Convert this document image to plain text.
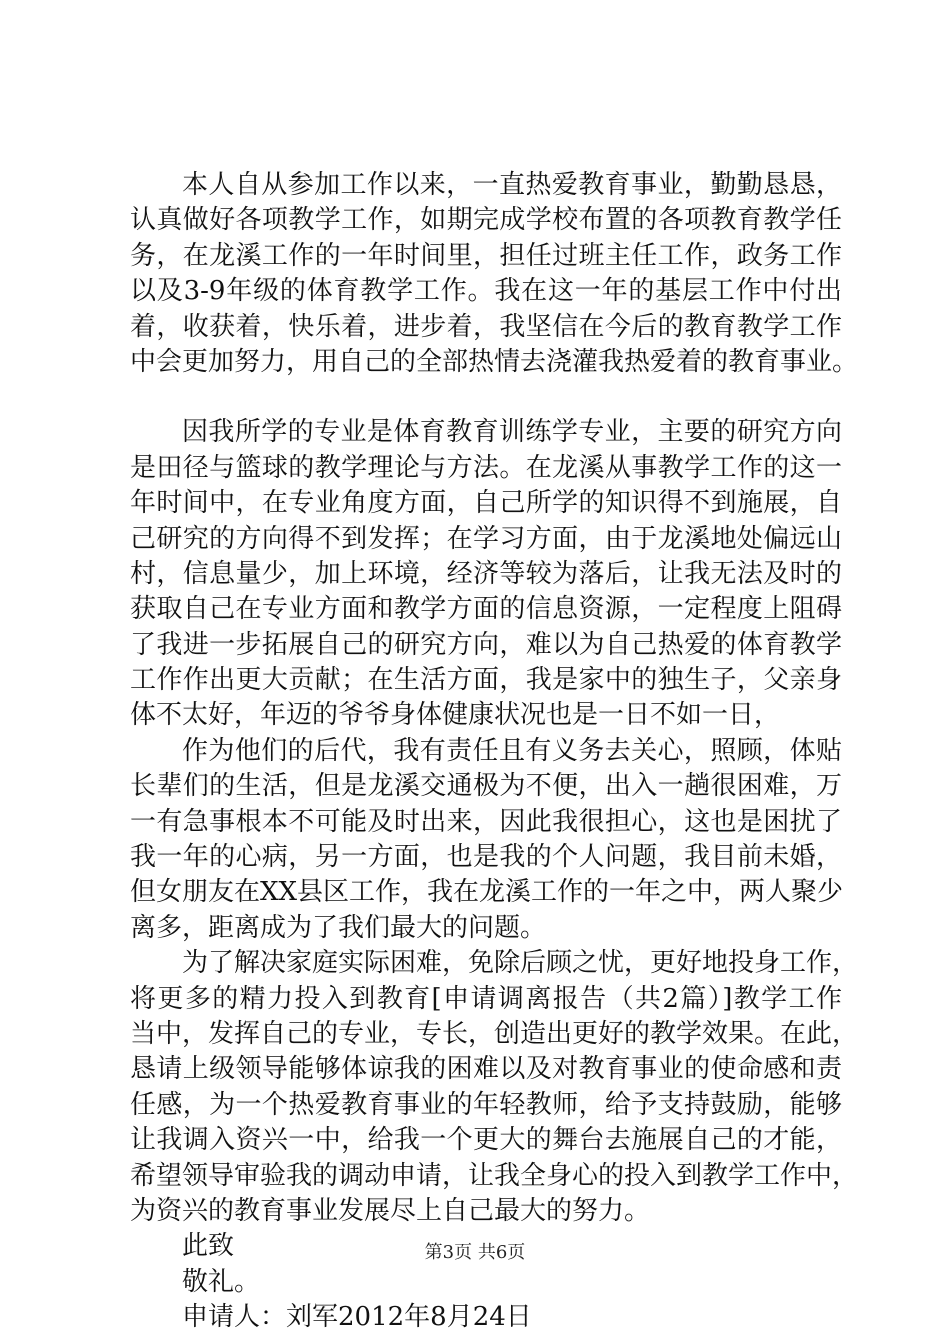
本人自从参加工作以来，一直热爱教育事业，勤勤恳恳，
认真做好各项教学工作，如期完成学校布置的各项教育教学任
务，在龙溪工作的一年时间里，担任过班主任工作，政务工作
以及3-9年级的体育教学工作。我在这一年的基层工作中付出
着，收获着，快乐着，进步着，我坚信在今后的教育教学工作
中会更加努力，用自己的全部热情去浇灌我热爱着的教育事业。
因我所学的专业是体育教育训练学专业，主要的研究方向
是田径与篮球的教学理论与方法。在龙溪从事教学工作的这一
年时间中，在专业角度方面，自己所学的知识得不到施展，自
己研究的方向得不到发挥；在学习方面，由于龙溪地处偏远山
村，信息量少，加上环境，经济等较为落后，让我无法及时的
获取自己在专业方面和教学方面的信息资源，一定程度上阻碍
了我进一步拓展自己的研究方向，难以为自己热爱的体育教学
工作作出更大贡献；在生活方面，我是家中的独生子，父亲身
体不太好，年迈的爷爷身体健康状况也是一日不如一日，
作为他们的后代，我有责任且有义务去关心，照顾，体贴
长辈们的生活，但是龙溪交通极为不便，出入一趟很困难，万
一有急事根本不可能及时出来，因此我很担心，这也是困扰了
我一年的心病，另一方面，也是我的个人问题，我目前未婚，
但女朋友在XX县区工作，我在龙溪工作的一年之中，两人聚少
离多，距离成为了我们最大的问题。
为了解决家庭实际困难，免除后顾之忧，更好地投身工作，
将更多的精力投入到教育[申请调离报告（共2篇）]教学工作
当中，发挥自己的专业，专长，创造出更好的教学效果。在此，
恳请上级领导能够体谅我的困难以及对教育事业的使命感和责
任感，为一个热爱教育事业的年轻教师，给予支持鼓励，能够
让我调入资兴一中，给我一个更大的舞台去施展自己的才能，
希望领导审验我的调动申请，让我全身心的投入到教学工作中，
为资兴的教育事业发展尽上自己最大的努力。
此致
敬礼。
申请人：刘军2012年8月24日
第3页 共6页
